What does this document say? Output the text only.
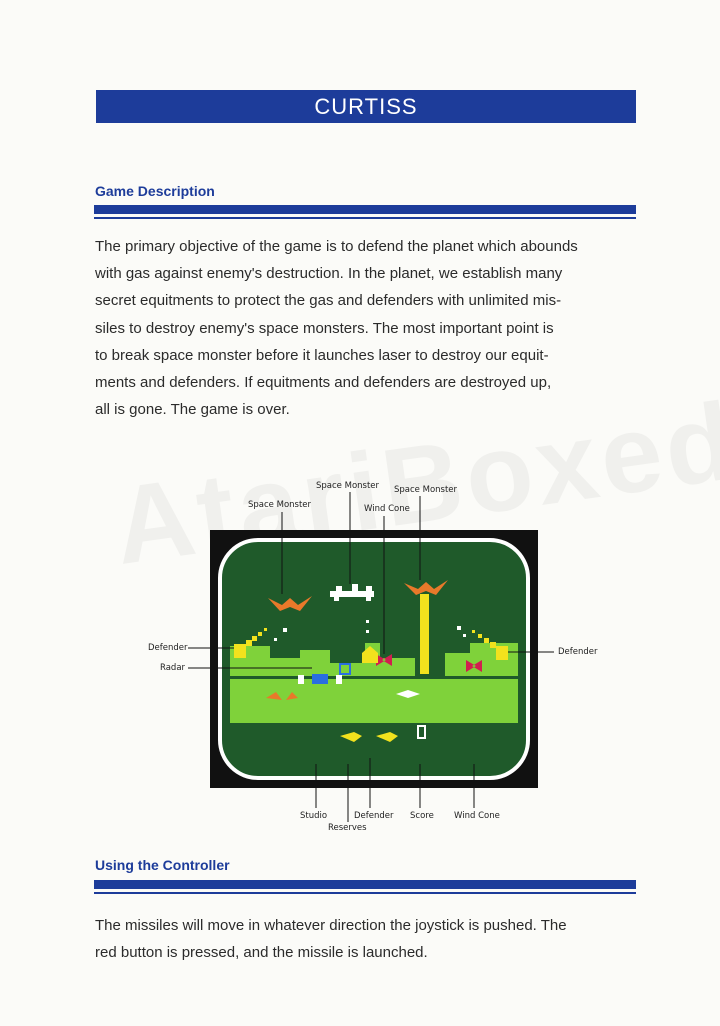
CURTISS
Game Description
The primary objective of the game is to defend the planet which abounds
with gas against enemy's destruction. In the planet, we establish many
secret equitments to protect the gas and defenders with unlimited mis-
siles to destroy enemy's space monsters. The most important point is
to break space monster before it launches laser to destroy our equit-
ments and defenders. If equitments and defenders are destroyed up,
all is gone. The game is over.
Space Monster
Space Monster Space Monster
Wind Cone
Defender
Radar
Defender
Studio
Reserves
Defender Score Wind Cone
Using the Controller
The missiles will move in whatever direction the joystick is pushed. The
red button is pressed, and the missile is launched.
